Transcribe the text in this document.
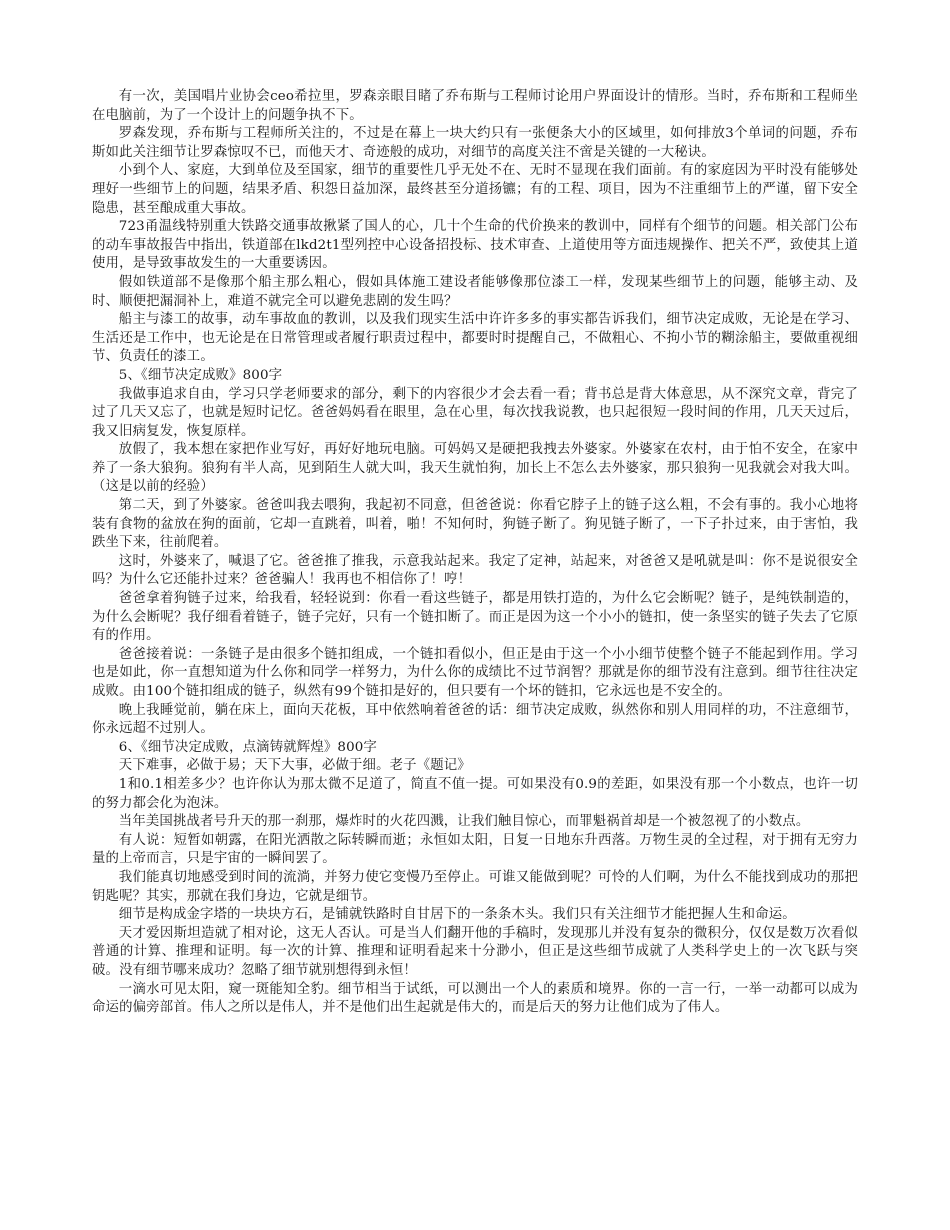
有一次，美国唱片业协会ceo希拉里，罗森亲眼目睹了乔布斯与工程师讨论用户界面设计的情形。当时，乔布斯和工程师坐在电脑前，为了一个设计上的问题争执不下。

罗森发现，乔布斯与工程师所关注的，不过是在幕上一块大约只有一张便条大小的区域里，如何排放3个单词的问题，乔布斯如此关注细节让罗森惊叹不已，而他天才、奇迹般的成功，对细节的高度关注不啻是关键的一大秘诀。

小到个人、家庭，大到单位及至国家，细节的重要性几乎无处不在、无时不显现在我们面前。有的家庭因为平时没有能够处理好一些细节上的问题，结果矛盾、积怨日益加深，最终甚至分道扬镳；有的工程、项目，因为不注重细节上的严谨，留下安全隐患，甚至酿成重大事故。

723甬温线特别重大铁路交通事故揪紧了国人的心，几十个生命的代价换来的教训中，同样有个细节的问题。相关部门公布的动车事故报告中指出，铁道部在lkd2t1型列控中心设备招投标、技术审查、上道使用等方面违规操作、把关不严，致使其上道使用，是导致事故发生的一大重要诱因。

假如铁道部不是像那个船主那么粗心，假如具体施工建设者能够像那位漆工一样，发现某些细节上的问题，能够主动、及时、顺便把漏洞补上，难道不就完全可以避免悲剧的发生吗？

船主与漆工的故事，动车事故血的教训，以及我们现实生活中许许多多的事实都告诉我们，细节决定成败，无论是在学习、生活还是工作中，也无论是在日常管理或者履行职责过程中，都要时时提醒自己，不做粗心、不拘小节的糊涂船主，要做重视细节、负责任的漆工。

5、《细节决定成败》800字

我做事追求自由，学习只学老师要求的部分，剩下的内容很少才会去看一看；背书总是背大体意思，从不深究文章，背完了过了几天又忘了，也就是短时记忆。爸爸妈妈看在眼里，急在心里，每次找我说教，也只起很短一段时间的作用，几天天过后，我又旧病复发，恢复原样。

放假了，我本想在家把作业写好，再好好地玩电脑。可妈妈又是硬把我拽去外婆家。外婆家在农村，由于怕不安全，在家中养了一条大狼狗。狼狗有半人高，见到陌生人就大叫，我天生就怕狗，加长上不怎么去外婆家，那只狼狗一见我就会对我大叫。（这是以前的经验）

第二天，到了外婆家。爸爸叫我去喂狗，我起初不同意，但爸爸说：你看它脖子上的链子这么粗，不会有事的。我小心地将装有食物的盆放在狗的面前，它却一直跳着，叫着，啪！不知何时，狗链子断了。狗见链子断了，一下子扑过来，由于害怕，我跌坐下来，往前爬着。

这时，外婆来了，喊退了它。爸爸推了推我，示意我站起来。我定了定神，站起来，对爸爸又是吼就是叫：你不是说很安全吗？为什么它还能扑过来？爸爸骗人！我再也不相信你了！哼！

爸爸拿着狗链子过来，给我看，轻轻说到：你看一看这些链子，都是用铁打造的，为什么它会断呢？链子，是纯铁制造的，为什么会断呢？我仔细看着链子，链子完好，只有一个链扣断了。而正是因为这一个小小的链扣，使一条坚实的链子失去了它原有的作用。

爸爸接着说：一条链子是由很多个链扣组成，一个链扣看似小，但正是由于这一个小小细节使整个链子不能起到作用。学习也是如此，你一直想知道为什么你和同学一样努力，为什么你的成绩比不过节润智？那就是你的细节没有注意到。细节往往决定成败。由100个链扣组成的链子，纵然有99个链扣是好的，但只要有一个坏的链扣，它永远也是不安全的。

晚上我睡觉前，躺在床上，面向天花板，耳中依然响着爸爸的话：细节决定成败，纵然你和别人用同样的功，不注意细节，你永远超不过别人。

6、《细节决定成败，点滴铸就辉煌》800字

天下难事，必做于易；天下大事，必做于细。老子《题记》

1和0.1相差多少？也许你认为那太微不足道了，简直不值一提。可如果没有0.9的差距，如果没有那一个小数点，也许一切的努力都会化为泡沫。

当年美国挑战者号升天的那一刹那，爆炸时的火花四溅，让我们触目惊心，而罪魁祸首却是一个被忽视了的小数点。

有人说：短暂如朝露，在阳光洒散之际转瞬而逝；永恒如太阳，日复一日地东升西落。万物生灵的全过程，对于拥有无穷力量的上帝而言，只是宇宙的一瞬间罢了。

我们能真切地感受到时间的流淌，并努力使它变慢乃至停止。可谁又能做到呢？可怜的人们啊，为什么不能找到成功的那把钥匙呢？其实，那就在我们身边，它就是细节。

细节是构成金字塔的一块块方石，是铺就铁路时自甘居下的一条条木头。我们只有关注细节才能把握人生和命运。

天才爱因斯坦造就了相对论，这无人否认。可是当人们翻开他的手稿时，发现那儿并没有复杂的微积分，仅仅是数万次看似普通的计算、推理和证明。每一次的计算、推理和证明看起来十分渺小，但正是这些细节成就了人类科学史上的一次飞跃与突破。没有细节哪来成功？忽略了细节就别想得到永恒！

一滴水可见太阳，窥一斑能知全豹。细节相当于试纸，可以测出一个人的素质和境界。你的一言一行，一举一动都可以成为命运的偏旁部首。伟人之所以是伟人，并不是他们出生起就是伟大的，而是后天的努力让他们成为了伟人。
